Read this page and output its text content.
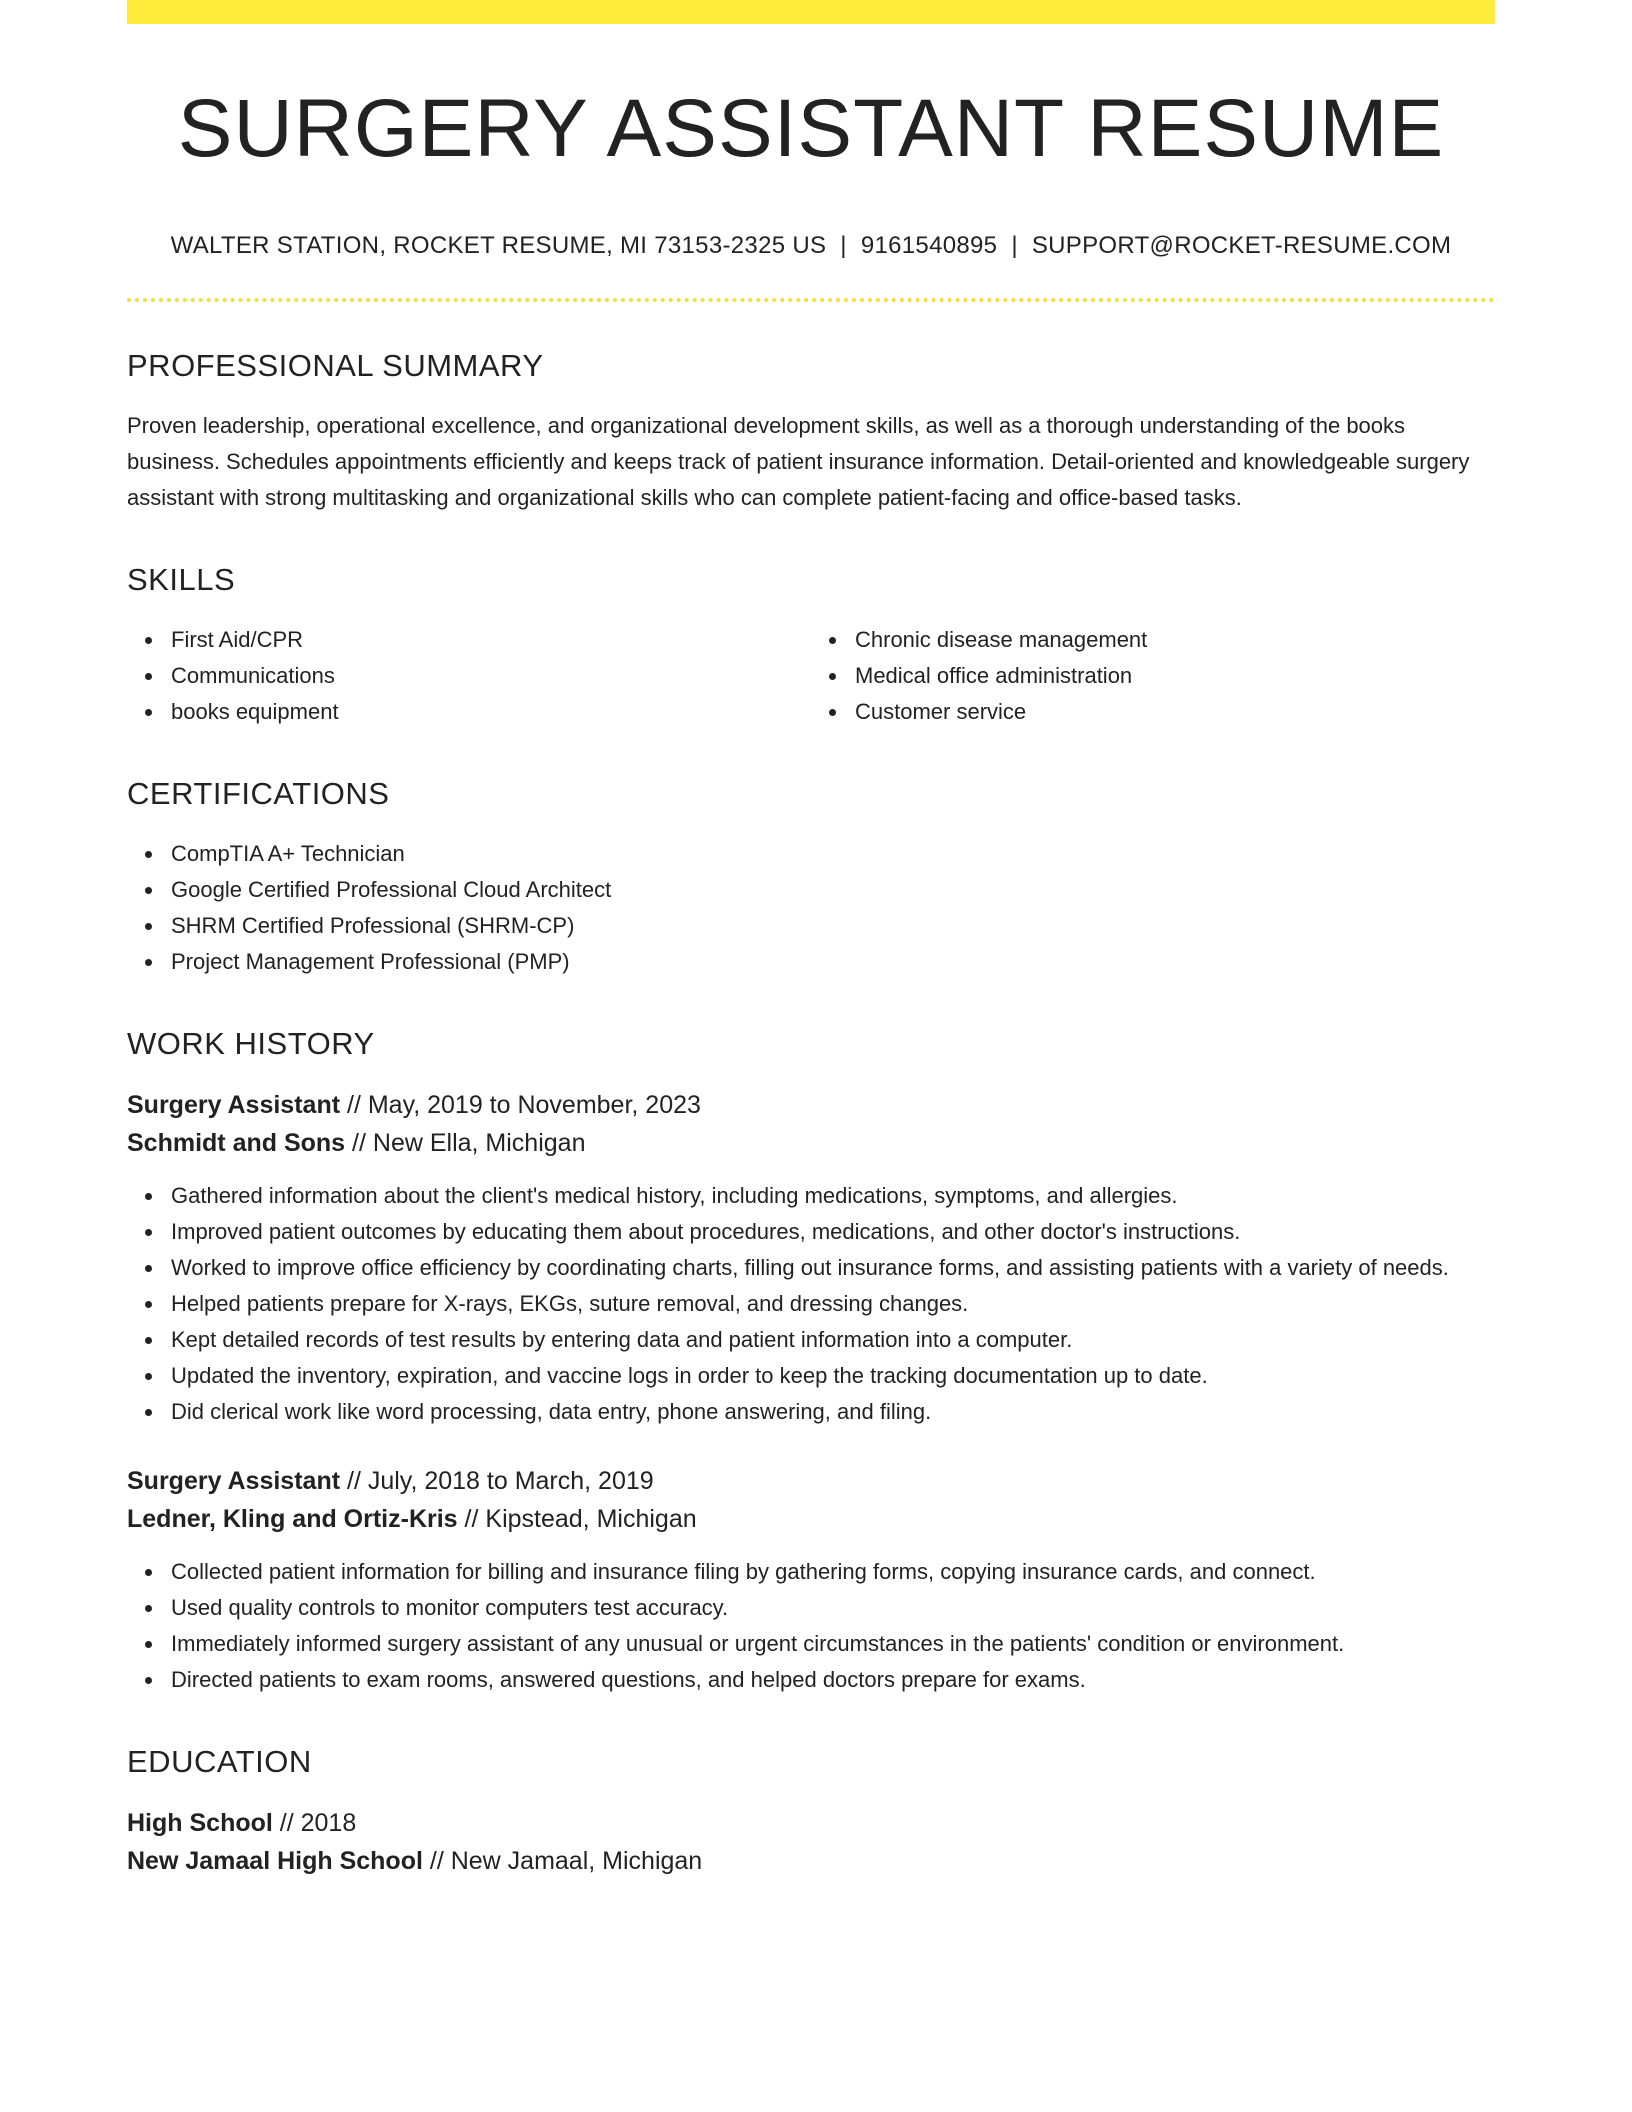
SURGERY ASSISTANT RESUME
WALTER STATION, ROCKET RESUME, MI 73153-2325 US | 9161540895 | SUPPORT@ROCKET-RESUME.COM
PROFESSIONAL SUMMARY

Proven leadership, operational excellence, and organizational development skills, as well as a thorough understanding of the books business. Schedules appointments efficiently and keeps track of patient insurance information. Detail-oriented and knowledgeable surgery assistant with strong multitasking and organizational skills who can complete patient-facing and office-based tasks.

SKILLS
First Aid/CPR
Communications
books equipment
Chronic disease management
Medical office administration
Customer service
CERTIFICATIONS
CompTIA A+ Technician
Google Certified Professional Cloud Architect
SHRM Certified Professional (SHRM-CP)
Project Management Professional (PMP)
WORK HISTORY
Surgery Assistant // May, 2019 to November, 2023
Schmidt and Sons // New Ella, Michigan
Gathered information about the client's medical history, including medications, symptoms, and allergies.
Improved patient outcomes by educating them about procedures, medications, and other doctor's instructions.
Worked to improve office efficiency by coordinating charts, filling out insurance forms, and assisting patients with a variety of needs.
Helped patients prepare for X-rays, EKGs, suture removal, and dressing changes.
Kept detailed records of test results by entering data and patient information into a computer.
Updated the inventory, expiration, and vaccine logs in order to keep the tracking documentation up to date.
Did clerical work like word processing, data entry, phone answering, and filing.
Surgery Assistant // July, 2018 to March, 2019
Ledner, Kling and Ortiz-Kris // Kipstead, Michigan
Collected patient information for billing and insurance filing by gathering forms, copying insurance cards, and connect.
Used quality controls to monitor computers test accuracy.
Immediately informed surgery assistant of any unusual or urgent circumstances in the patients' condition or environment.
Directed patients to exam rooms, answered questions, and helped doctors prepare for exams.
EDUCATION
High School // 2018
New Jamaal High School // New Jamaal, Michigan
